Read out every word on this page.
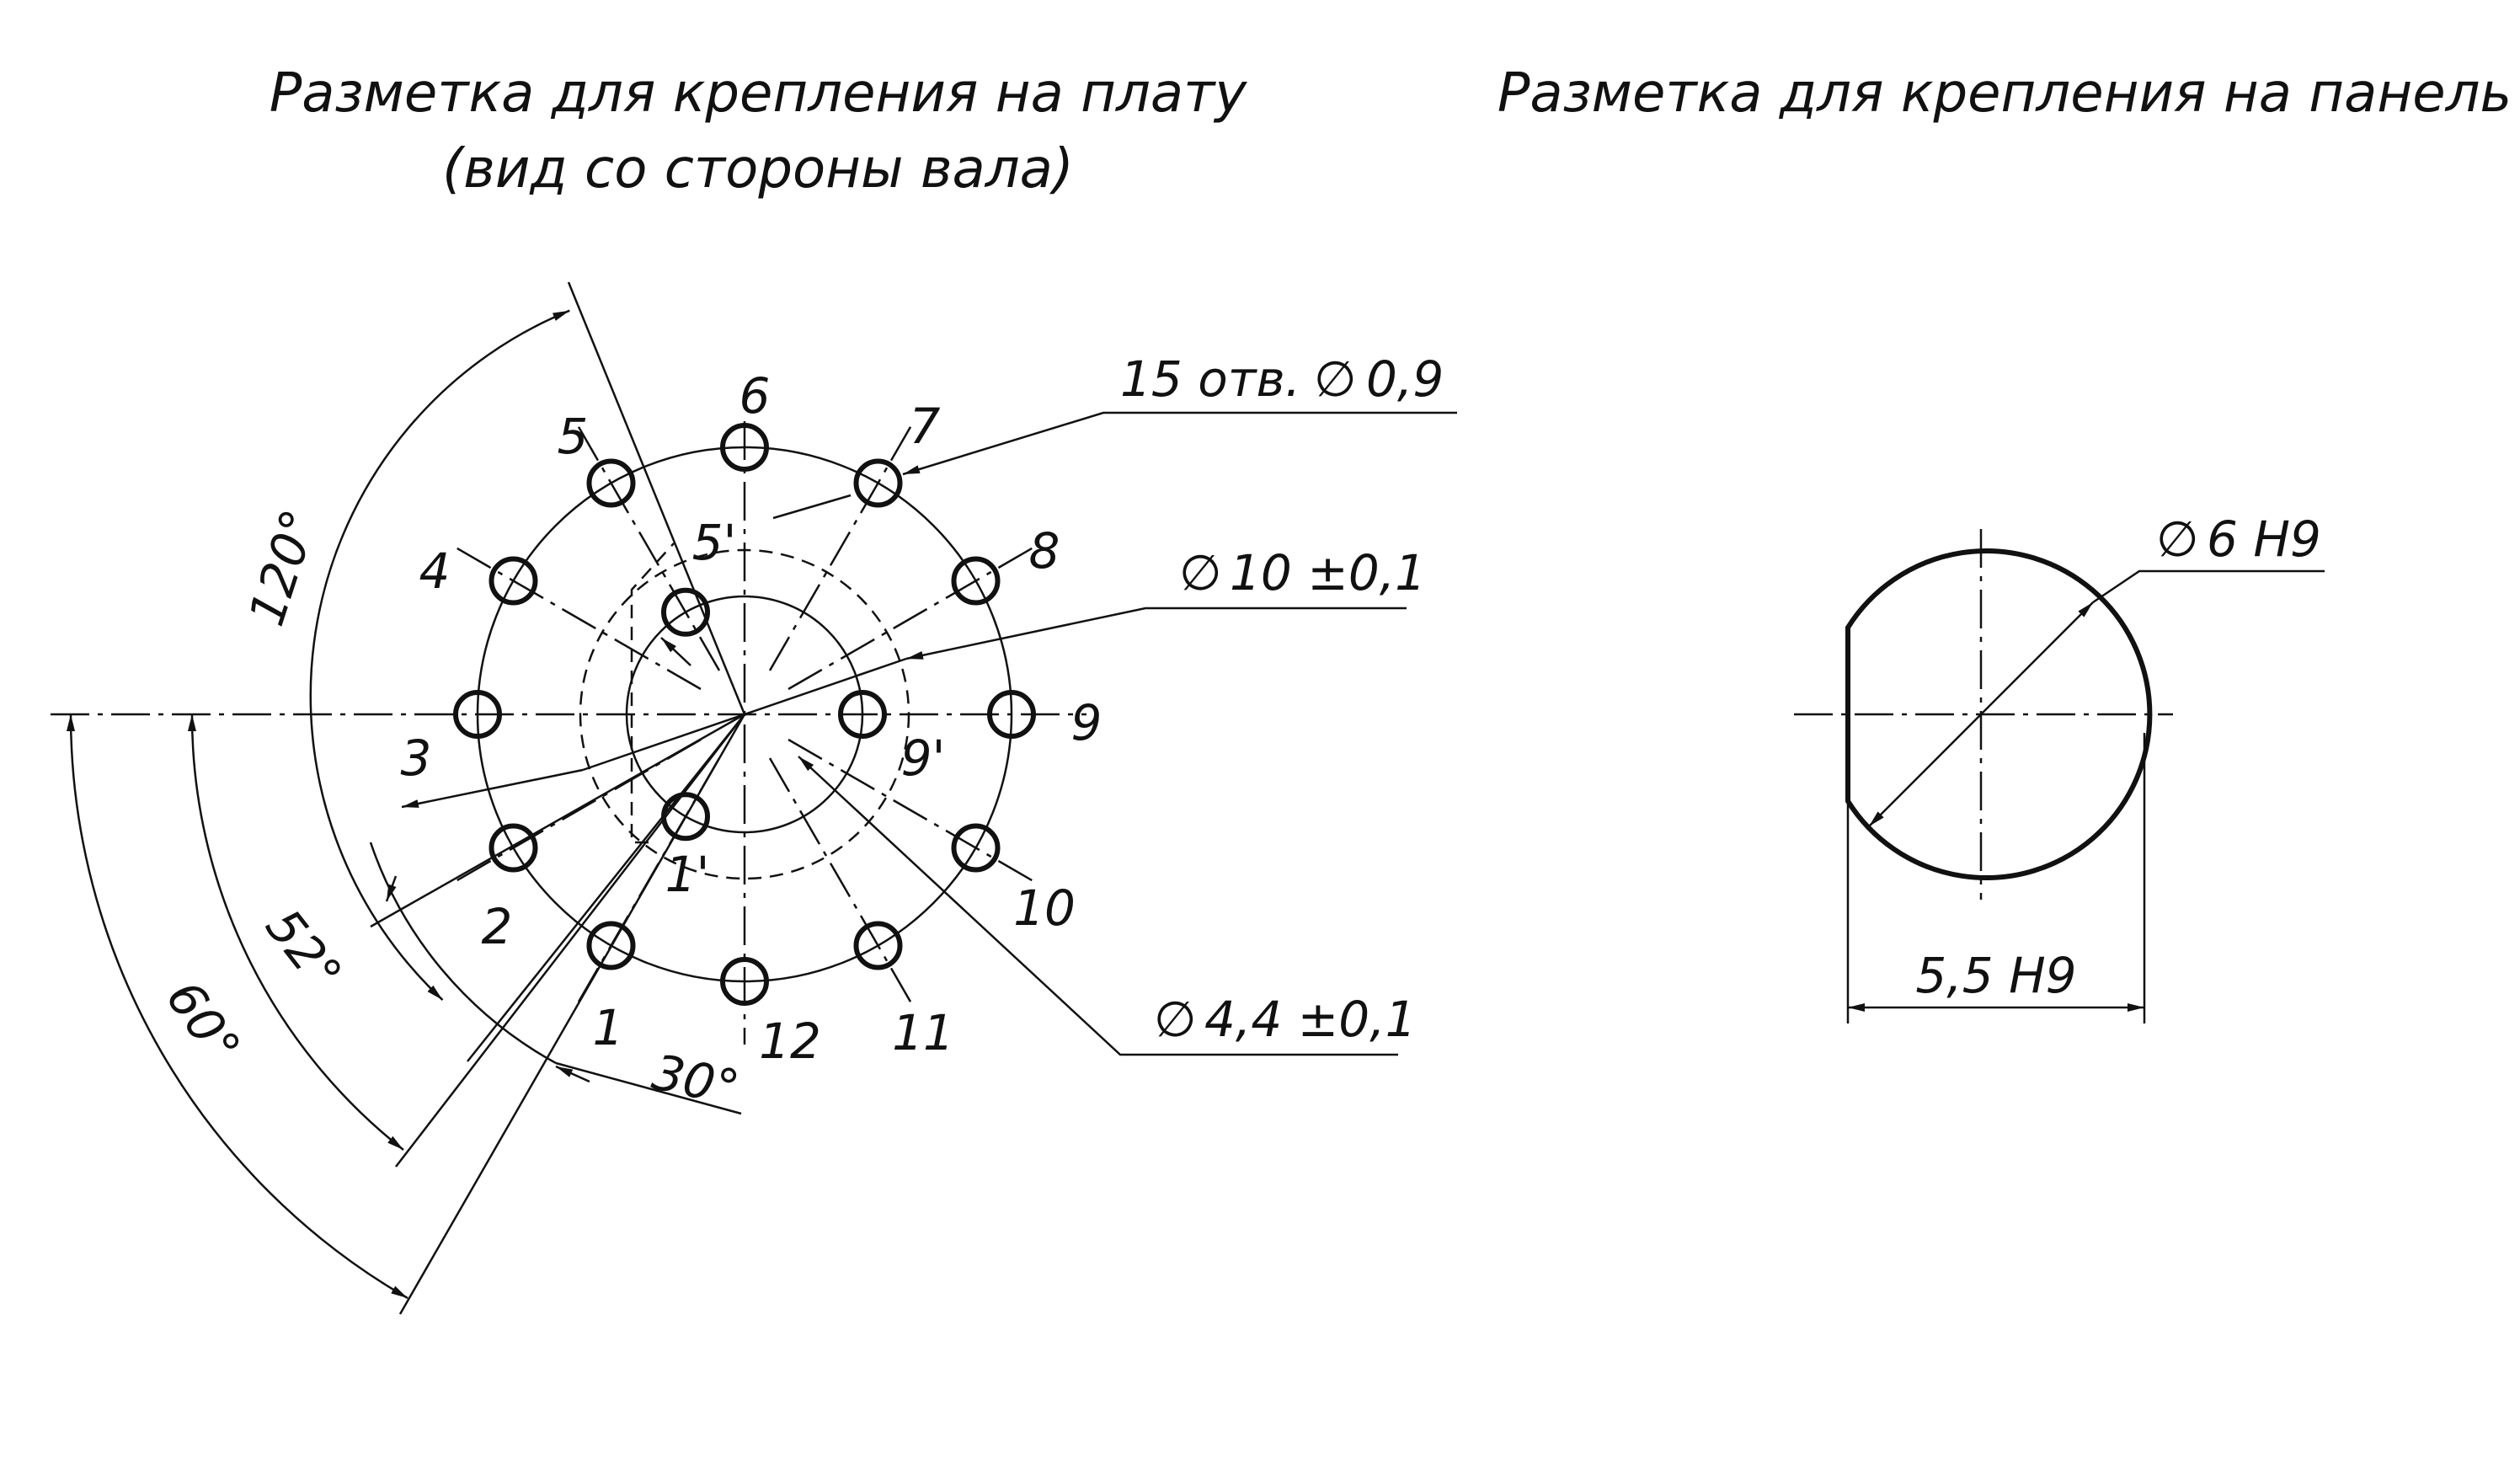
Разметка для крепления на плату
(вид со стороны вала)
Разметка для крепления на панель
1
2
3
4
5
6
7
8
9
10
11
12
1'
5'
9'
15 отв. ∅ 0,9
∅ 10 ±0,1
∅ 4,4 ±0,1
120°
52°
60°
30°
∅ 6 H9
5,5 H9
